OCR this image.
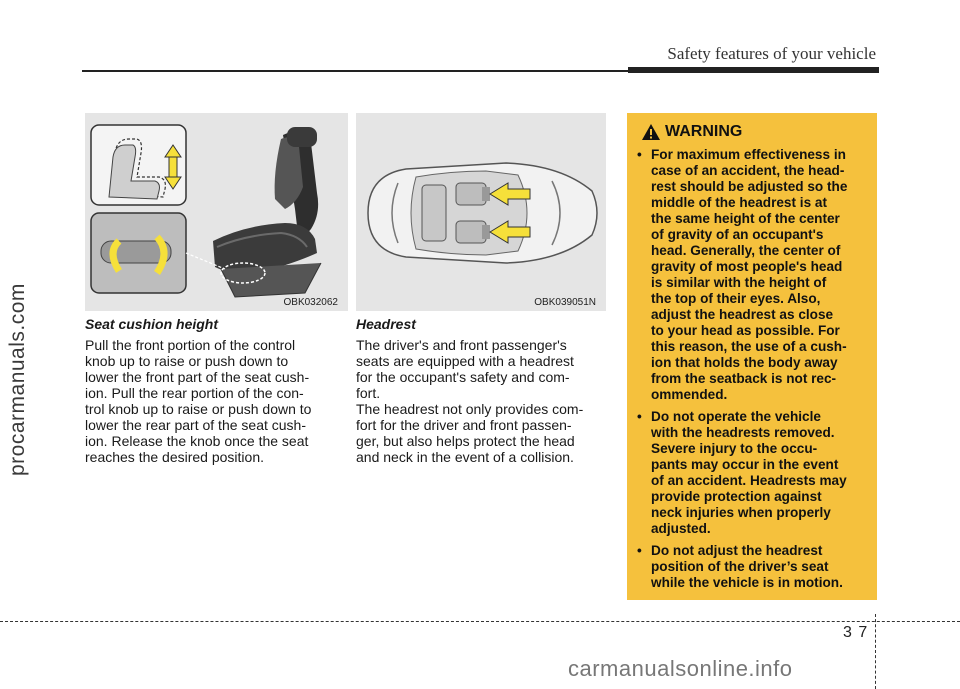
Safety features of your vehicle
procarmanuals.com	OBK032062	OBK039051N
Seat cushion height

Pull the front portion of the control
knob up to raise or push down to
lower the front part of the seat cush-
ion. Pull the rear portion of the con-
trol knob up to raise or push down to
lower the rear part of the seat cush-
ion. Release the knob once the seat
reaches the desired position.

Headrest

The driver's and front passenger's
seats are equipped with a headrest
for the occupant's safety and com-
fort.

The headrest not only provides com-
fort for the driver and front passen-
ger, but also helps protect the head
and neck in the event of a collision.

WARNING
• For maximum effectiveness in
case of an accident, the head-
rest should be adjusted so the
middle of the headrest is at
the same height of the center
of gravity of an occupant's
head. Generally, the center of
gravity of most people's head
is similar with the height of
the top of their eyes. Also,
adjust the headrest as close
to your head as possible. For
this reason, the use of a cush-
ion that holds the body away
from the seatback is not rec-
ommended.
• Do not operate the vehicle
with the headrests removed.
Severe injury to the occu-
pants may occur in the event
of an accident. Headrests may
provide protection against
neck injuries when properly
adjusted.
• Do not adjust the headrest
position of the driver’s seat
while the vehicle is in motion.
3 7
carmanualsonline.info
